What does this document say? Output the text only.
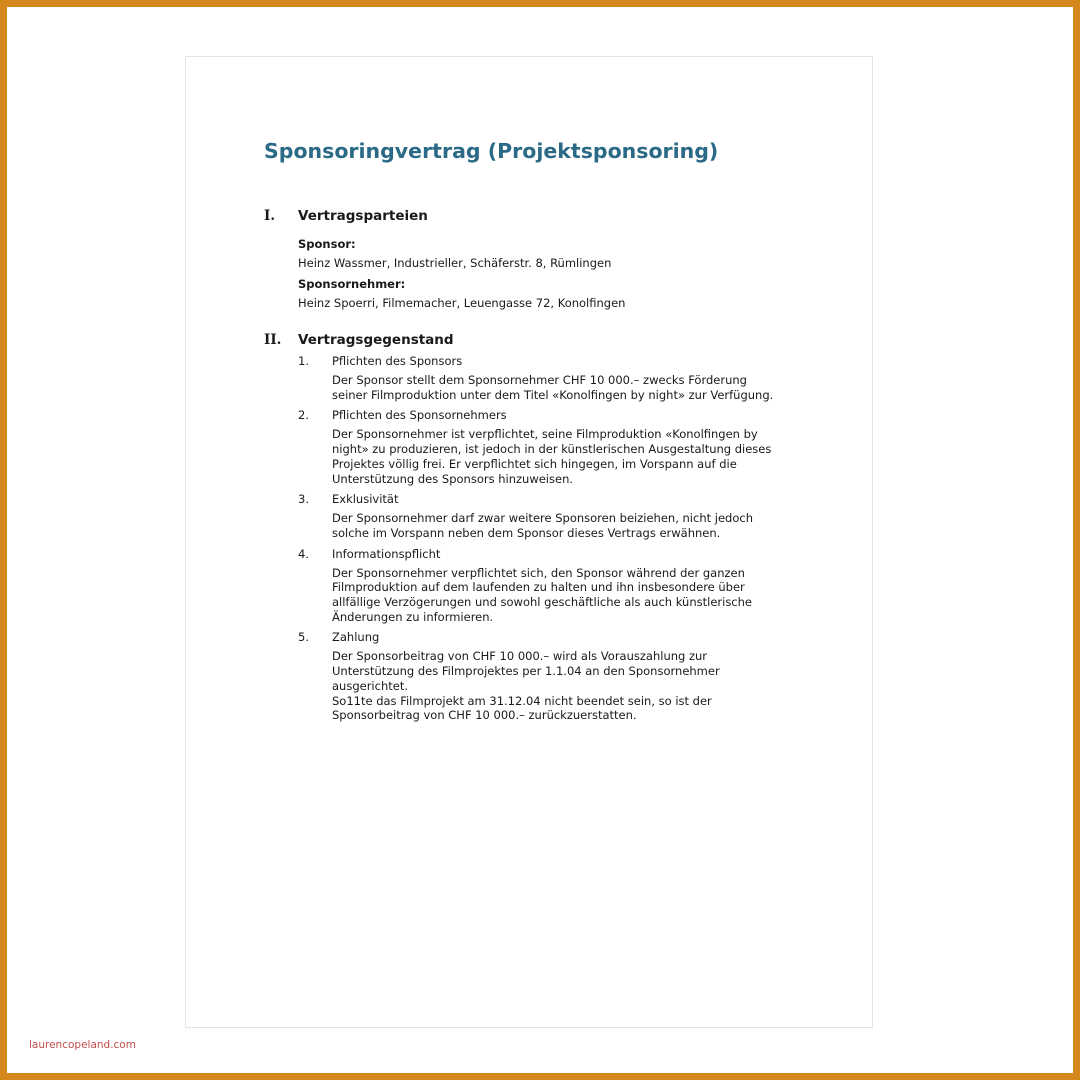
Sponsoringvertrag (Projektsponsoring)
I. Vertragsparteien
Sponsor:
Heinz Wassmer, Industrieller, Schäferstr. 8, Rümlingen
Sponsornehmer:
Heinz Spoerri, Filmemacher, Leuengasse 72, Konolfingen
II. Vertragsgegenstand
1. Pflichten des Sponsors
Der Sponsor stellt dem Sponsornehmer CHF 10 000.– zwecks Förderung
seiner Filmproduktion unter dem Titel «Konolfingen by night» zur Verfügung.
2. Pflichten des Sponsornehmers
Der Sponsornehmer ist verpflichtet, seine Filmproduktion «Konolfingen by
night» zu produzieren, ist jedoch in der künstlerischen Ausgestaltung dieses
Projektes völlig frei. Er verpflichtet sich hingegen, im Vorspann auf die
Unterstützung des Sponsors hinzuweisen.
3. Exklusivität
Der Sponsornehmer darf zwar weitere Sponsoren beiziehen, nicht jedoch
solche im Vorspann neben dem Sponsor dieses Vertrags erwähnen.
4. Informationspflicht
Der Sponsornehmer verpflichtet sich, den Sponsor während der ganzen
Filmproduktion auf dem laufenden zu halten und ihn insbesondere über
allfällige Verzögerungen und sowohl geschäftliche als auch künstlerische
Änderungen zu informieren.
5. Zahlung
Der Sponsorbeitrag von CHF 10 000.– wird als Vorauszahlung zur
Unterstützung des Filmprojektes per 1.1.04 an den Sponsornehmer
ausgerichtet.
So11te das Filmprojekt am 31.12.04 nicht beendet sein, so ist der
Sponsorbeitrag von CHF 10 000.– zurückzuerstatten.
laurencopeland.com
